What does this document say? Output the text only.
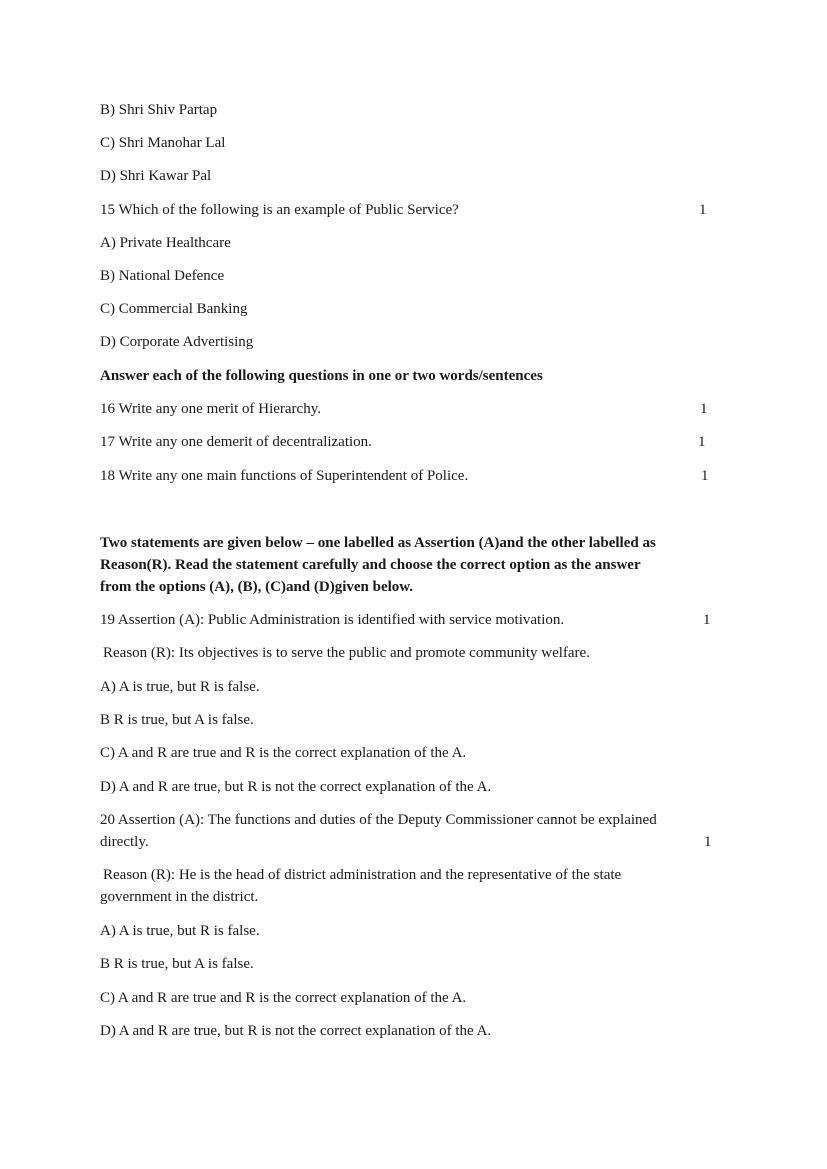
B) Shri Shiv Partap
C) Shri Manohar Lal
D) Shri Kawar Pal
15 Which of the following is an example of Public Service?	1
A) Private Healthcare
B) National Defence
C) Commercial Banking
D) Corporate Advertising
Answer each of the following questions in one or two words/sentences
16 Write any one merit of Hierarchy.	1
17 Write any one demerit of decentralization.	1
18 Write any one main functions of Superintendent of Police.	1
Two statements are given below – one labelled as Assertion (A)and the other labelled as
Reason(R). Read the statement carefully and choose the correct option as the answer
from the options (A), (B), (C)and (D)given below.
19 Assertion (A): Public Administration is identified with service motivation.	1
Reason (R): Its objectives is to serve the public and promote community welfare.
A) A is true, but R is false.
B R is true, but A is false.
C) A and R are true and R is the correct explanation of the A.
D) A and R are true, but R is not the correct explanation of the A.
20 Assertion (A): The functions and duties of the Deputy Commissioner cannot be explained
directly.	1
Reason (R): He is the head of district administration and the representative of the state
government in the district.
A) A is true, but R is false.
B R is true, but A is false.
C) A and R are true and R is the correct explanation of the A.
D) A and R are true, but R is not the correct explanation of the A.
